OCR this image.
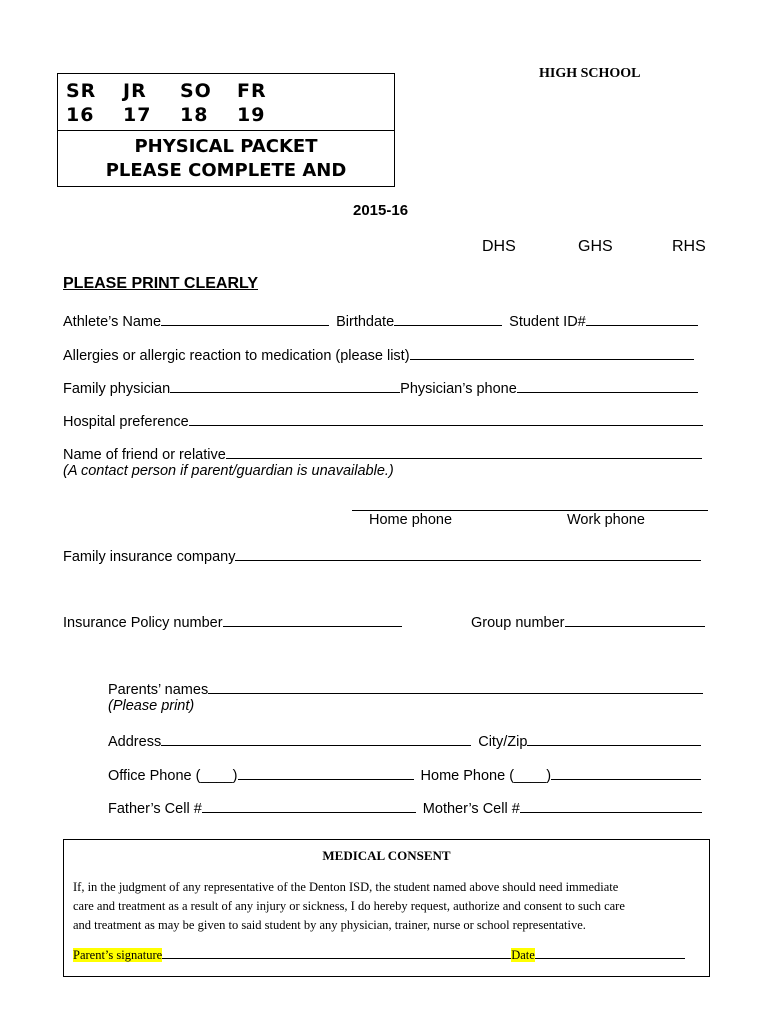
HIGH SCHOOL
SR JR SO FR
16 17 18 19
PHYSICAL PACKET
PLEASE COMPLETE AND
2015-16
DHS	GHS	RHS
PLEASE PRINT CLEARLY
Athlete’s Name	Birthdate	Student ID#
Allergies or allergic reaction to medication (please list)
Family physician	Physician’s phone
Hospital preference
Name of friend or relative
(A contact person if parent/guardian is unavailable.)
Home phone	Work phone
Family insurance company
Insurance Policy number	Group number
Parents’ names
(Please print)
Address	City/Zip
Office Phone (____)	Home Phone (____)
Father’s Cell #	Mother’s Cell #
MEDICAL CONSENT
If, in the judgment of any representative of the Denton ISD, the student named above should need immediate
care and treatment as a result of any injury or sickness, I do hereby request, authorize and consent to such care
and treatment as may be given to said student by any physician, trainer, nurse or school representative.
Parent’s signature	Date
